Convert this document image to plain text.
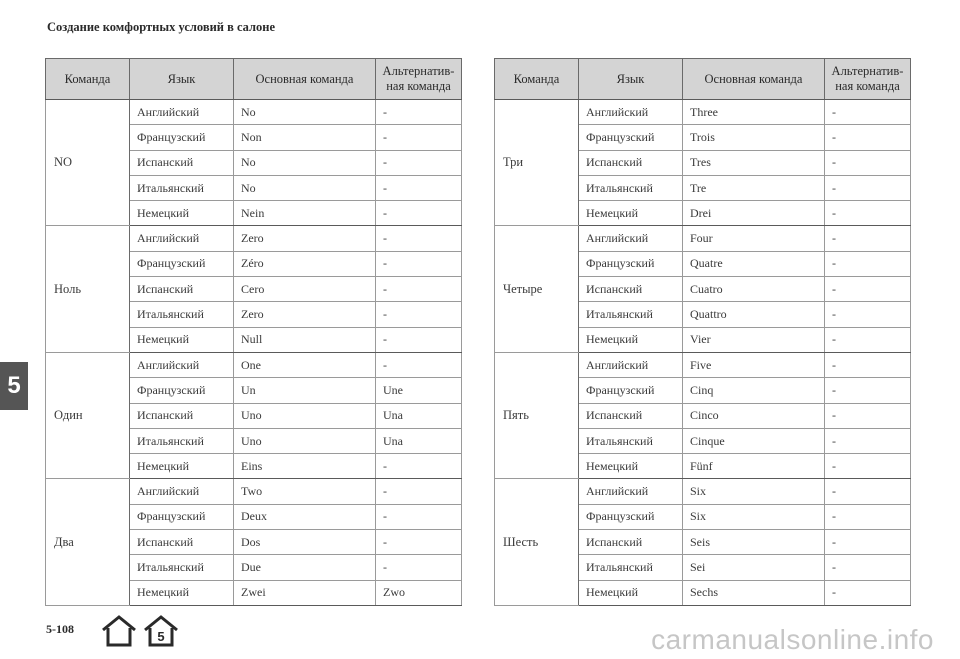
Создание комфортных условий в салоне
Команда	Язык	Основная команда	Альтернатив-
ная команда
NO	Английский	No	-
	Французский	Non	-
	Испанский	No	-
	Итальянский	No	-
	Немецкий	Nein	-
Ноль	Английский	Zero	-
	Французский	Zéro	-
	Испанский	Cero	-
	Итальянский	Zero	-
	Немецкий	Null	-
Один	Английский	One	-
	Французский	Un	Une
	Испанский	Uno	Una
	Итальянский	Uno	Una
	Немецкий	Eins	-
Два	Английский	Two	-
	Французский	Deux	-
	Испанский	Dos	-
	Итальянский	Due	-
	Немецкий	Zwei	Zwo
Команда	Язык	Основная команда	Альтернатив-
ная команда
Три	Английский	Three	-
	Французский	Trois	-
	Испанский	Tres	-
	Итальянский	Tre	-
	Немецкий	Drei	-
Четыре	Английский	Four	-
	Французский	Quatre	-
	Испанский	Cuatro	-
	Итальянский	Quattro	-
	Немецкий	Vier	-
Пять	Английский	Five	-
	Французский	Cinq	-
	Испанский	Cinco	-
	Итальянский	Cinque	-
	Немецкий	Fünf	-
Шесть	Английский	Six	-
	Французский	Six	-
	Испанский	Seis	-
	Итальянский	Sei	-
	Немецкий	Sechs	-
5
5-108	5	carmanualsonline.info
